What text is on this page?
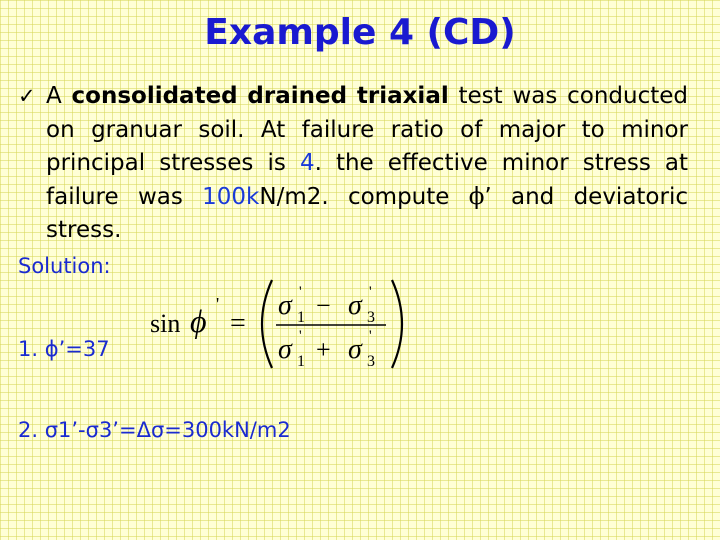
Example 4 (CD)
✓ A consolidated drained triaxial test was conducted on granuar soil. At failure ratio of major to minor principal stresses is 4. the effective minor stress at failure was 100kN/m2. compute ϕ’ and deviatoric stress.
Solution:
sin ϕ '
=
σ 1
' − σ 3
'
σ 1
' + σ 3
'
1. ϕ’=37
2. σ1’-σ3’=Δσ=300kN/m2
